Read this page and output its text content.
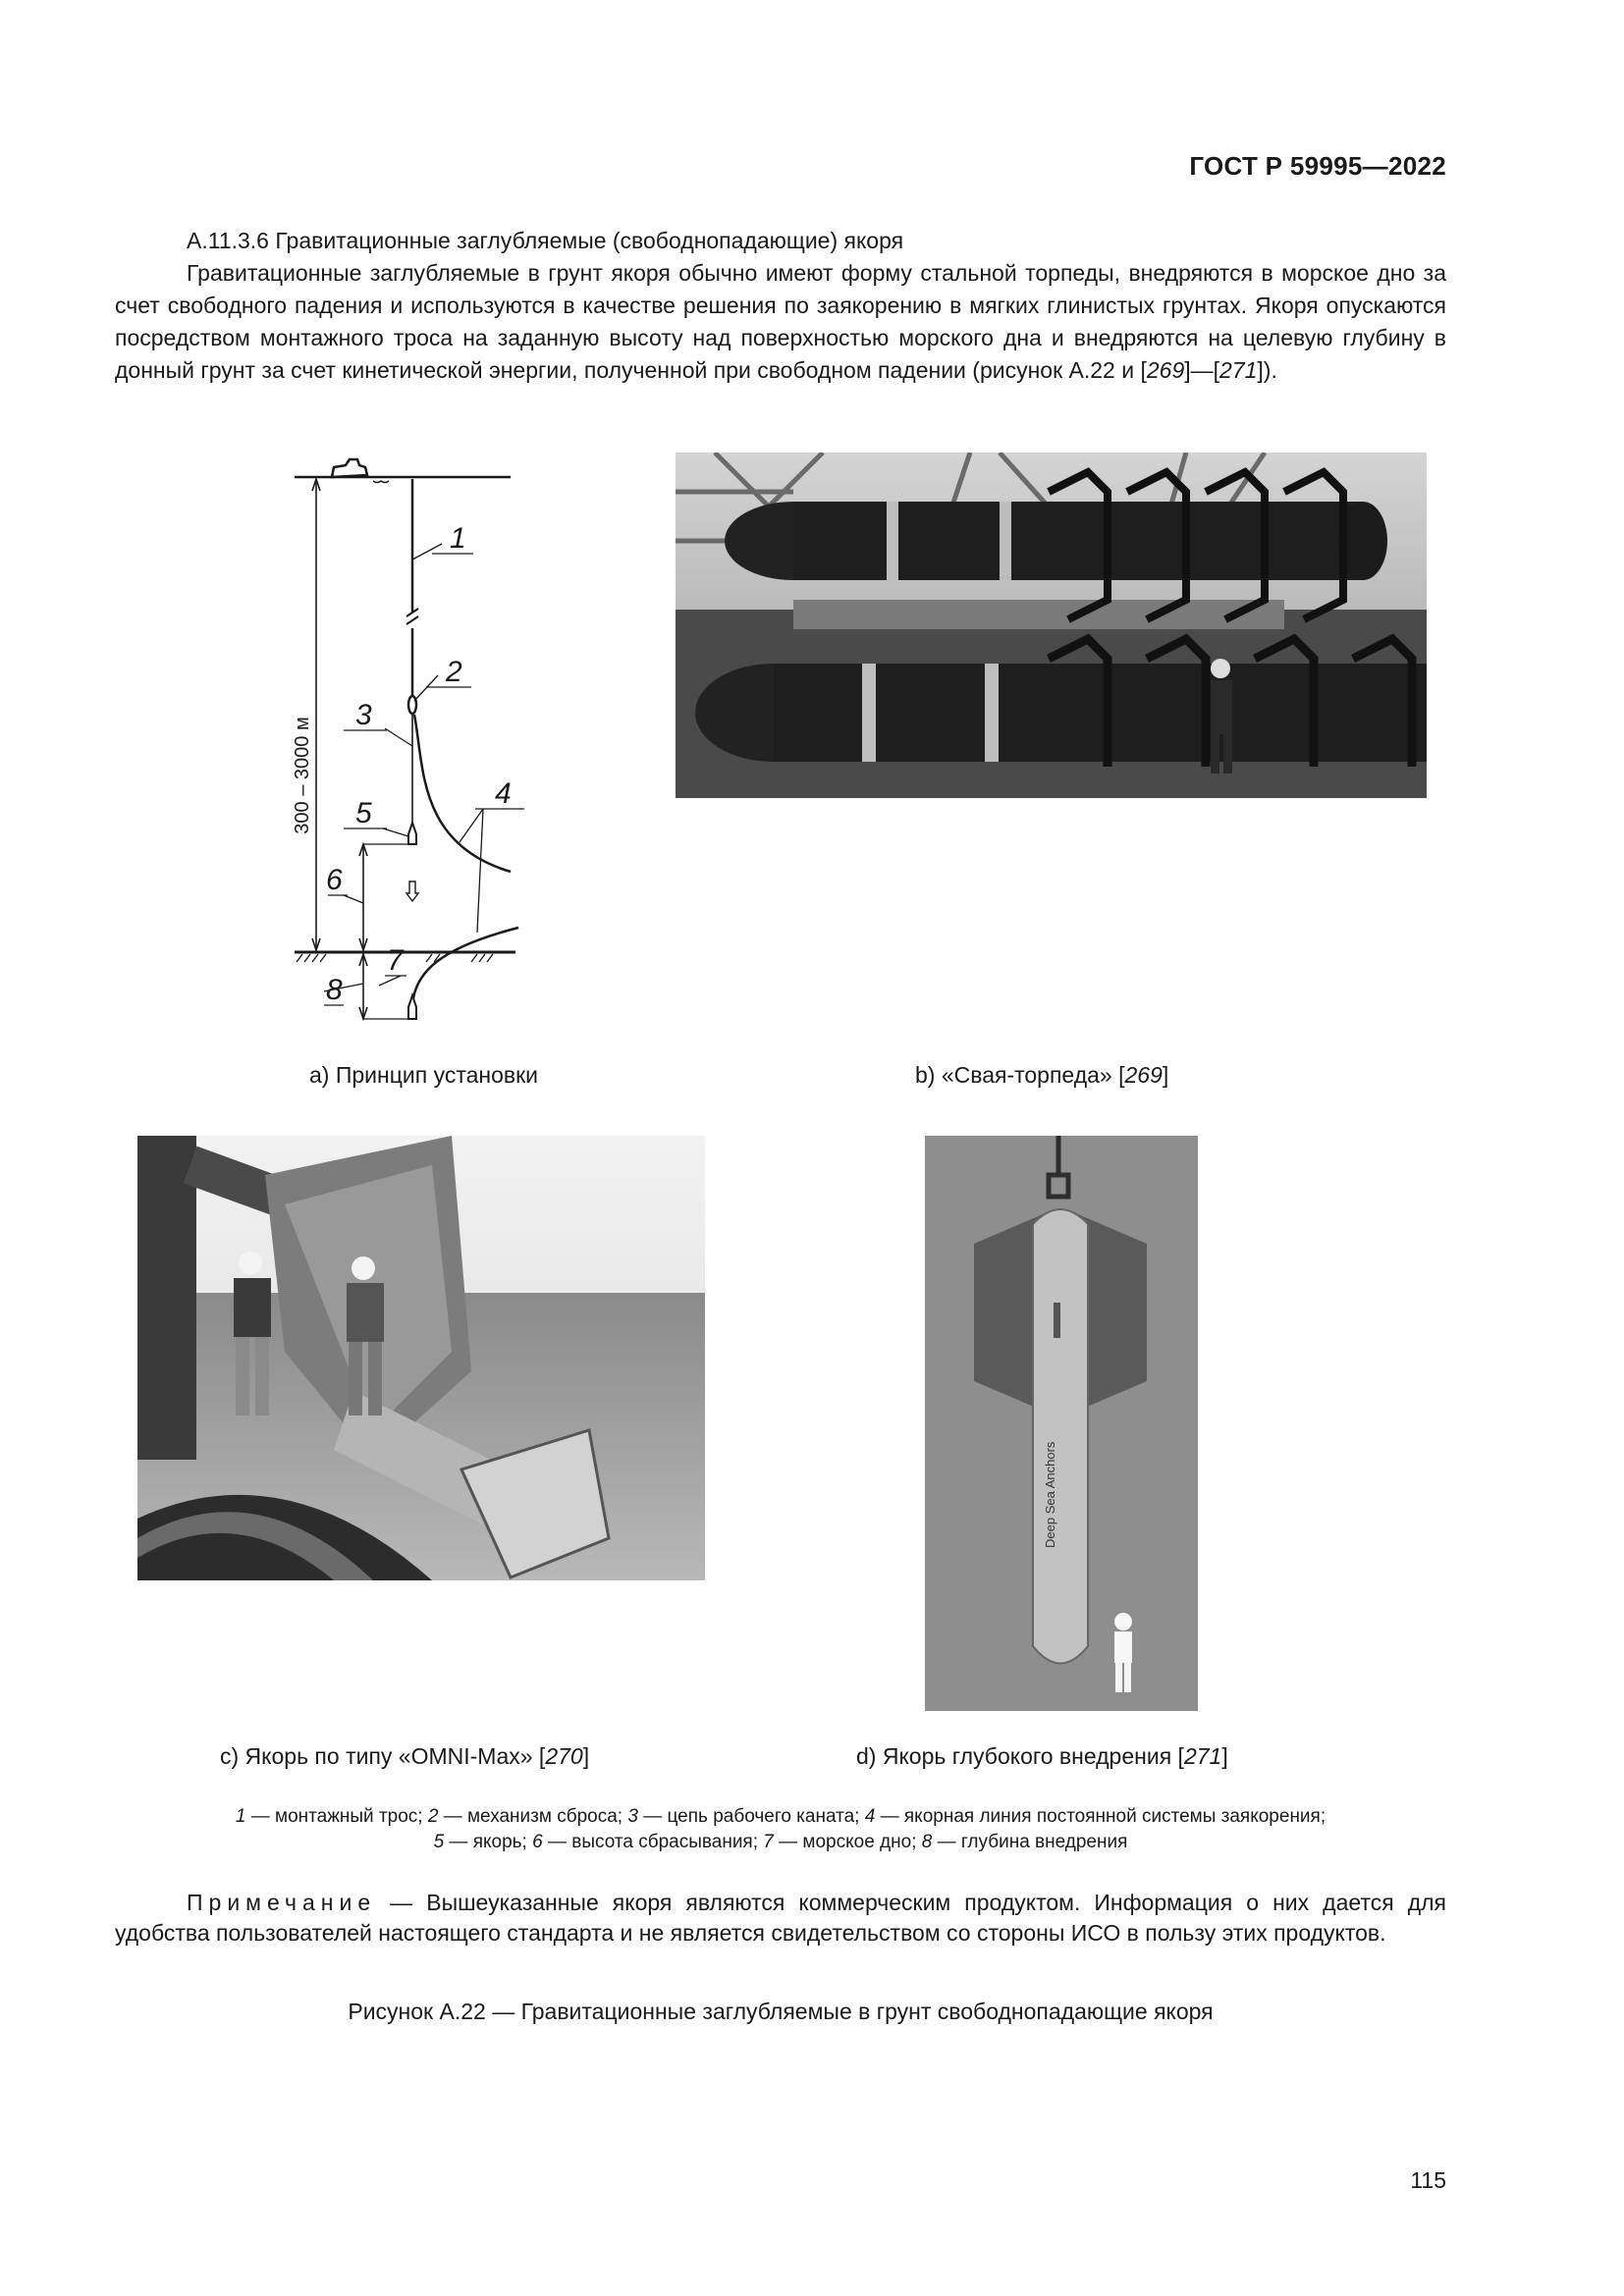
ГОСТ Р 59995—2022
А.11.3.6 Гравитационные заглубляемые (свободнопадающие) якоря
Гравитационные заглубляемые в грунт якоря обычно имеют форму стальной торпеды, внедряются в морское дно за счет свободного падения и используются в качестве решения по заякорению в мягких глинистых грунтах. Якоря опускаются посредством монтажного троса на заданную высоту над поверхностью морского дна и внедряются на целевую глубину в донный грунт за счет кинетической энергии, полученной при свободном падении (рисунок А.22 и [269]—[271]).
1
2
3
4
5
6
7
8
300 – 3000 м
Deep Sea Anchors
а) Принцип установки	b) «Свая-торпеда» [269]
c) Якорь по типу «OMNI-Max» [270]	d) Якорь глубокого внедрения [271]
1 — монтажный трос; 2 — механизм сброса; 3 — цепь рабочего каната; 4 — якорная линия постоянной системы заякорения;
5 — якорь; 6 — высота сбрасывания; 7 — морское дно; 8 — глубина внедрения
Примечание — Вышеуказанные якоря являются коммерческим продуктом. Информация о них дается для удобства пользователей настоящего стандарта и не является свидетельством со стороны ИСО в пользу этих продуктов.
Рисунок А.22 — Гравитационные заглубляемые в грунт свободнопадающие якоря
115
